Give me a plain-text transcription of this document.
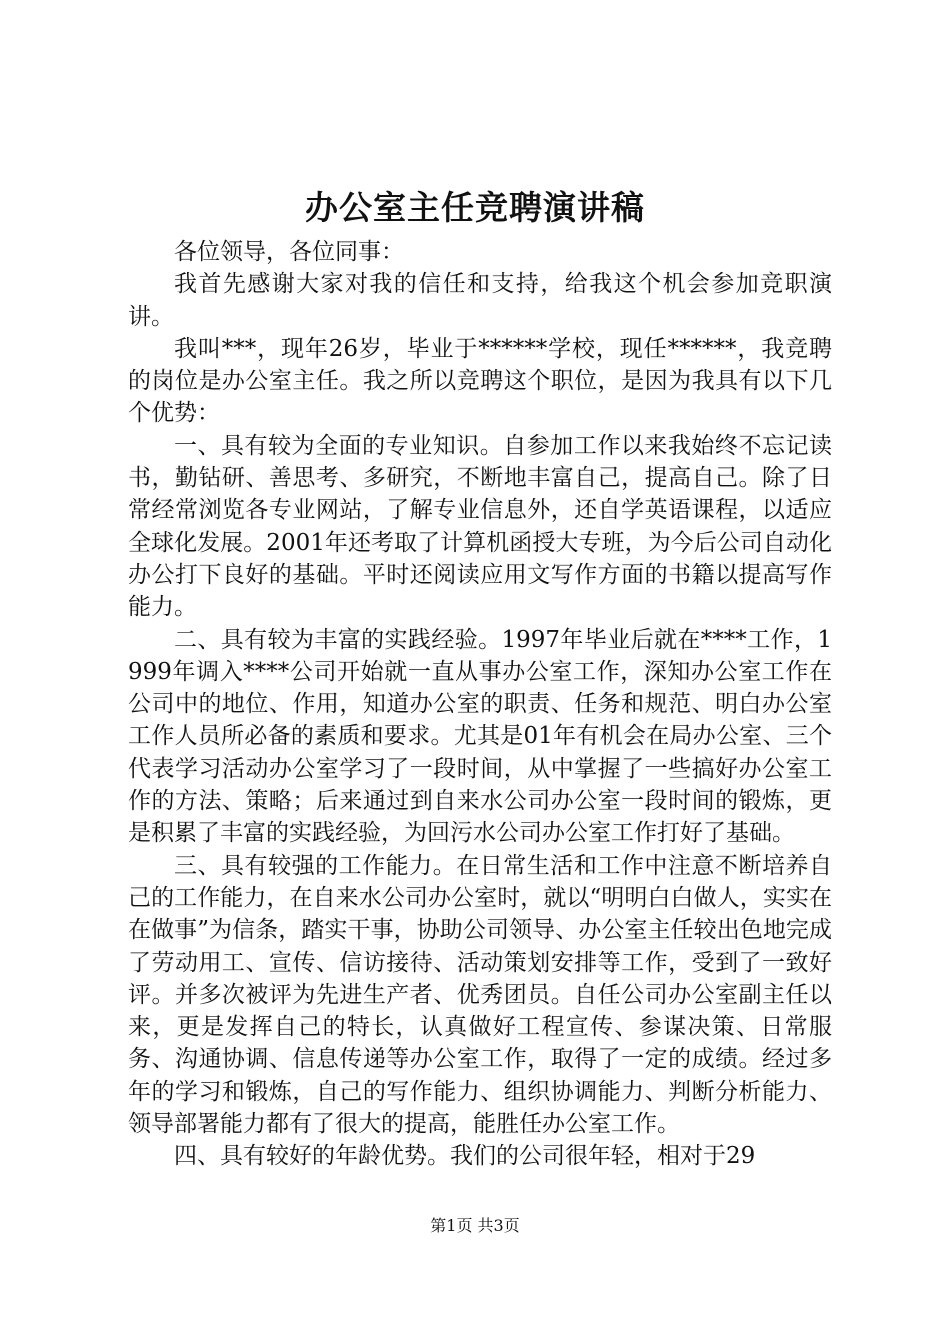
办公室主任竞聘演讲稿

各位领导，各位同事：

我首先感谢大家对我的信任和支持，给我这个机会参加竞职演讲。

我叫***，现年26岁，毕业于******学校，现任******，我竞聘的岗位是办公室主任。我之所以竞聘这个职位，是因为我具有以下几个优势：

一、具有较为全面的专业知识。自参加工作以来我始终不忘记读书，勤钻研、善思考、多研究，不断地丰富自己，提高自己。除了日常经常浏览各专业网站，了解专业信息外，还自学英语课程，以适应全球化发展。2001年还考取了计算机函授大专班，为今后公司自动化办公打下良好的基础。平时还阅读应用文写作方面的书籍以提高写作能力。

二、具有较为丰富的实践经验。1997年毕业后就在****工作，1999年调入****公司开始就一直从事办公室工作，深知办公室工作在公司中的地位、作用，知道办公室的职责、任务和规范、明白办公室工作人员所必备的素质和要求。尤其是01年有机会在局办公室、三个代表学习活动办公室学习了一段时间，从中掌握了一些搞好办公室工作的方法、策略；后来通过到自来水公司办公室一段时间的锻炼，更是积累了丰富的实践经验，为回污水公司办公室工作打好了基础。

三、具有较强的工作能力。在日常生活和工作中注意不断培养自己的工作能力，在自来水公司办公室时，就以“明明白白做人，实实在在做事”为信条，踏实干事，协助公司领导、办公室主任较出色地完成了劳动用工、宣传、信访接待、活动策划安排等工作，受到了一致好评。并多次被评为先进生产者、优秀团员。自任公司办公室副主任以来，更是发挥自己的特长，认真做好工程宣传、参谋决策、日常服务、沟通协调、信息传递等办公室工作，取得了一定的成绩。经过多年的学习和锻炼，自己的写作能力、组织协调能力、判断分析能力、领导部署能力都有了很大的提高，能胜任办公室工作。

四、具有较好的年龄优势。我们的公司很年轻，相对于29

第1页 共3页
